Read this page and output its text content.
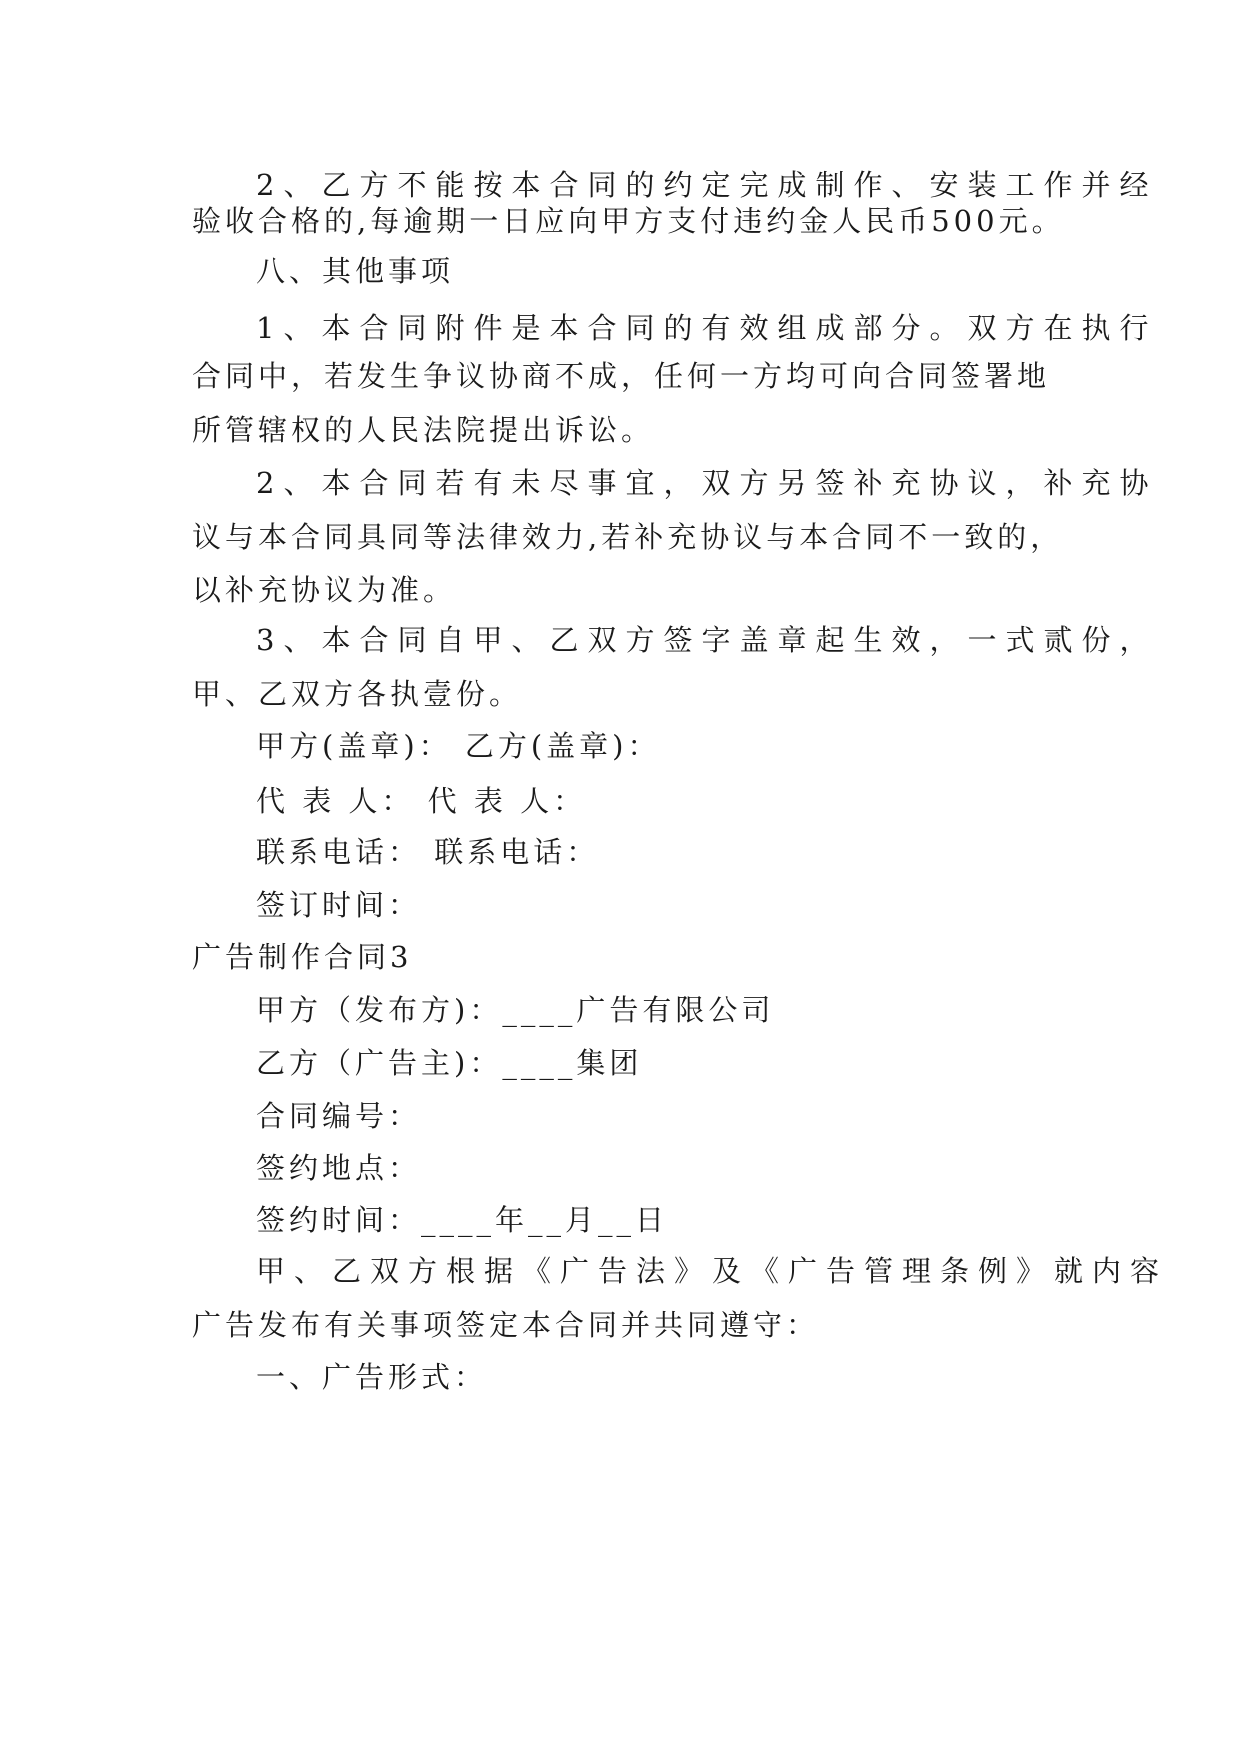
2、乙方不能按本合同的约定完成制作、安装工作并经
验收合格的,每逾期一日应向甲方支付违约金人民币500元。
八、其他事项
1、本合同附件是本合同的有效组成部分。双方在执行
合同中，若发生争议协商不成，任何一方均可向合同签署地
所管辖权的人民法院提出诉讼。
2、本合同若有未尽事宜，双方另签补充协议，补充协
议与本合同具同等法律效力,若补充协议与本合同不一致的，
以补充协议为准。
3、本合同自甲、乙双方签字盖章起生效，一式贰份，
甲、乙双方各执壹份。
甲方(盖章)： 乙方(盖章)：
代 表 人： 代 表 人：
联系电话： 联系电话：
签订时间：
广告制作合同3
甲方（发布方)：____广告有限公司
乙方（广告主)：____集团
合同编号：
签约地点：
签约时间：____年__月__日
甲、乙双方根据《广告法》及《广告管理条例》就内容
广告发布有关事项签定本合同并共同遵守：
一、广告形式：
